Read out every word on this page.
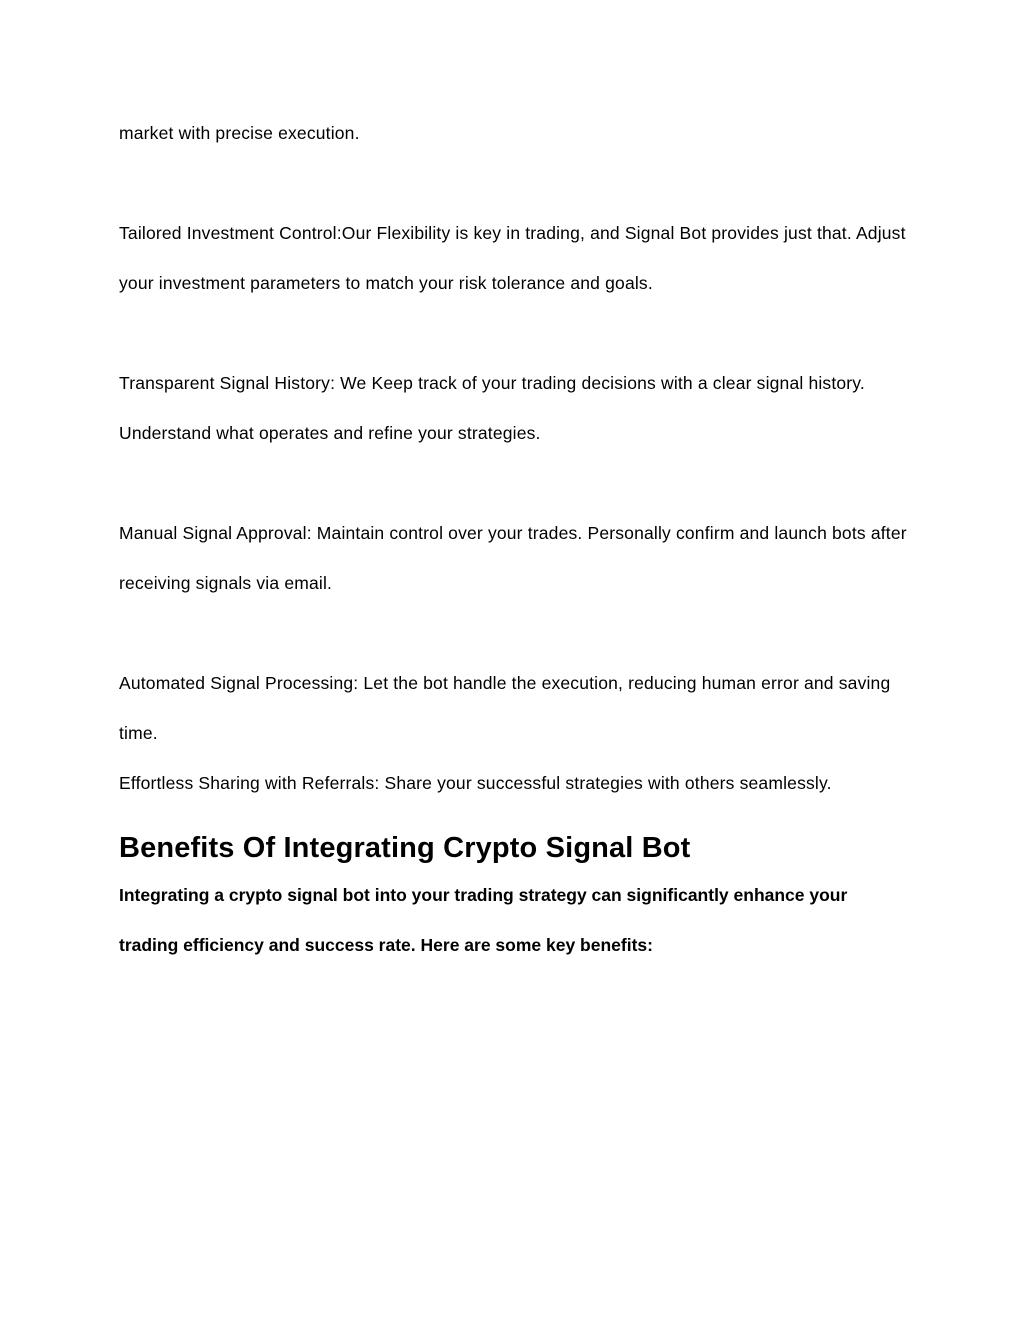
market with precise execution.

Tailored Investment Control:Our Flexibility is key in trading, and Signal Bot provides just that. Adjust your investment parameters to match your risk tolerance and goals.

Transparent Signal History: We Keep track of your trading decisions with a clear signal history. Understand what operates and refine your strategies.

Manual Signal Approval: Maintain control over your trades. Personally confirm and launch bots after receiving signals via email.

Automated Signal Processing: Let the bot handle the execution, reducing human error and saving time.

Effortless Sharing with Referrals: Share your successful strategies with others seamlessly.

Benefits Of Integrating Crypto Signal Bot

Integrating a crypto signal bot into your trading strategy can significantly enhance your trading efficiency and success rate. Here are some key benefits:
